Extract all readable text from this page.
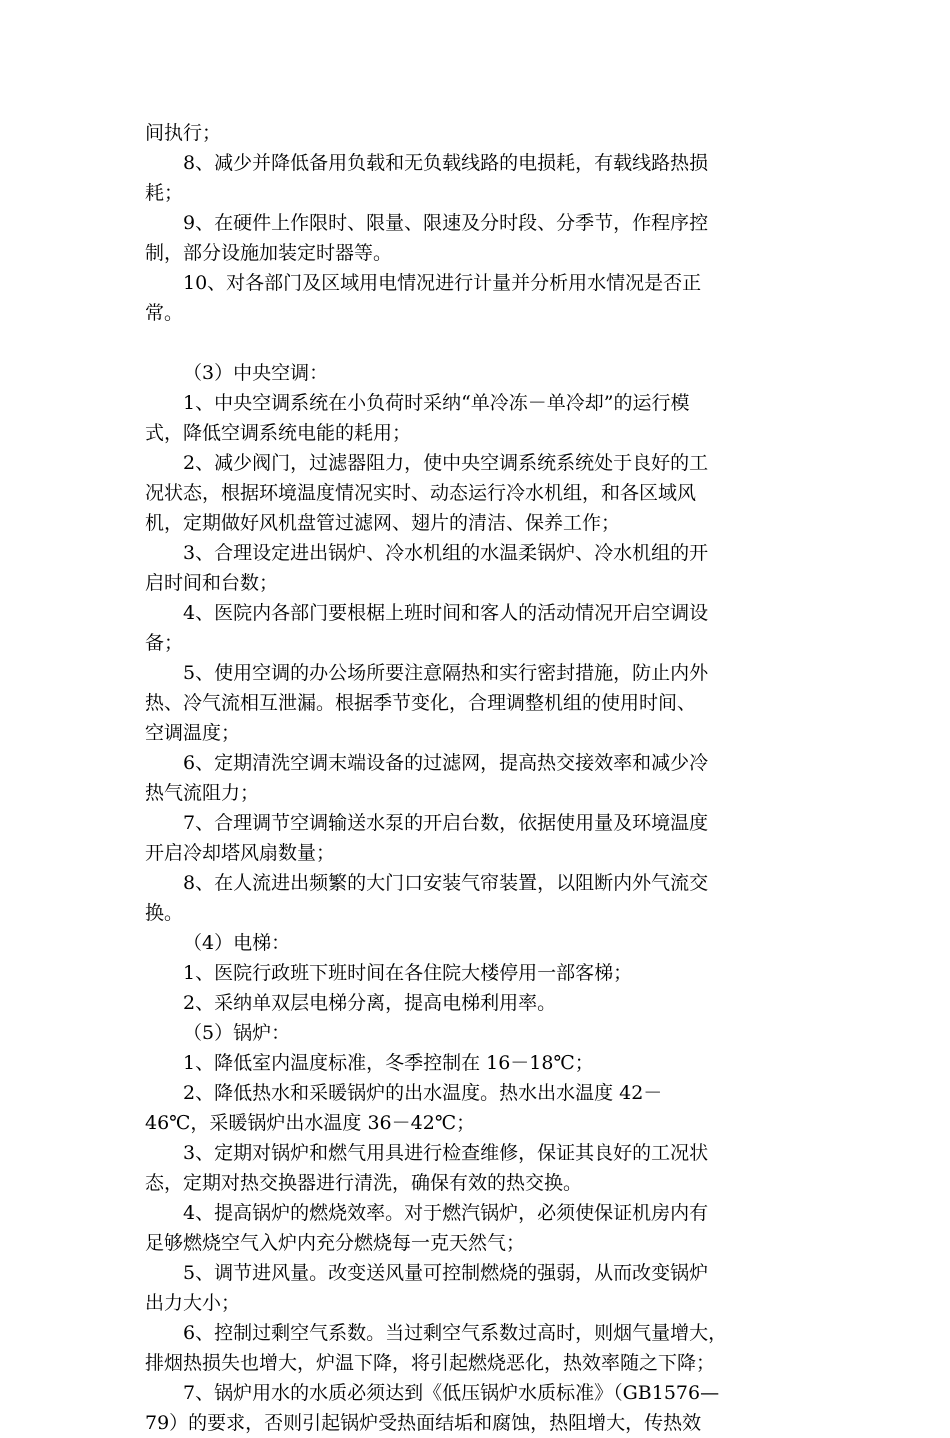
间执行；

8、减少并降低备用负载和无负载线路的电损耗，有载线路热损

耗；

9、在硬件上作限时、限量、限速及分时段、分季节，作程序控

制，部分设施加装定时器等。

10、对各部门及区域用电情况进行计量并分析用水情况是否正

常。

（3）中央空调：

1、中央空调系统在小负荷时采纳“单冷冻－单冷却”的运行模

式，降低空调系统电能的耗用；

2、减少阀门，过滤器阻力，使中央空调系统系统处于良好的工

况状态，根据环境温度情况实时、动态运行冷水机组，和各区域风

机，定期做好风机盘管过滤网、翅片的清洁、保养工作；

3、合理设定进出锅炉、冷水机组的水温柔锅炉、冷水机组的开

启时间和台数；

4、医院内各部门要根椐上班时间和客人的活动情况开启空调设

备；

5、使用空调的办公场所要注意隔热和实行密封措施，防止内外

热、冷气流相互泄漏。根据季节变化，合理调整机组的使用时间、

空调温度；

6、定期清洗空调末端设备的过滤网，提高热交接效率和减少冷

热气流阻力；

7、合理调节空调输送水泵的开启台数，依据使用量及环境温度

开启冷却塔风扇数量；

8、在人流进出频繁的大门口安装气帘装置，以阻断内外气流交

换。

（4）电梯：

1、医院行政班下班时间在各住院大楼停用一部客梯；

2、采纳单双层电梯分离，提高电梯利用率。

（5）锅炉：

1、降低室内温度标准，冬季控制在 16－18℃；

2、降低热水和采暖锅炉的出水温度。热水出水温度 42－

46℃，采暖锅炉出水温度 36－42℃；

3、定期对锅炉和燃气用具进行检查维修，保证其良好的工况状

态，定期对热交换器进行清洗，确保有效的热交换。

4、提高锅炉的燃烧效率。对于燃汽锅炉，必须使保证机房内有

足够燃烧空气入炉内充分燃烧每一克天然气；

5、调节进风量。改变送风量可控制燃烧的强弱，从而改变锅炉

出力大小；

6、控制过剩空气系数。当过剩空气系数过高时，则烟气量增大，

排烟热损失也增大，炉温下降，将引起燃烧恶化，热效率随之下降；

7、锅炉用水的水质必须达到《低压锅炉水质标准》（GB1576—

79）的要求，否则引起锅炉受热面结垢和腐蚀，热阻增大，传热效
